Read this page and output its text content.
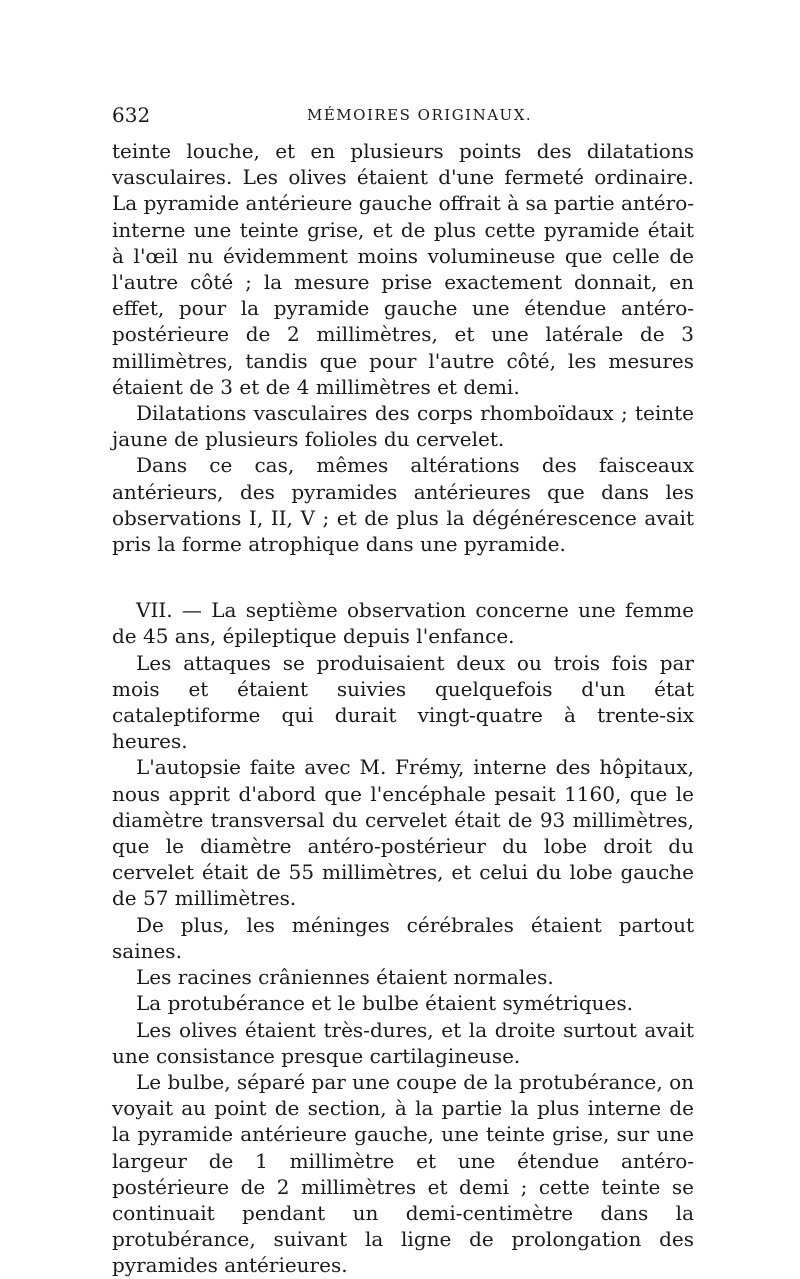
632	MÉMOIRES ORIGINAUX.

teinte louche, et en plusieurs points des dilatations vasculaires. Les olives étaient d'une fermeté ordinaire. La pyramide antérieure gauche offrait à sa partie antéro-interne une teinte grise, et de plus cette pyramide était à l'œil nu évidemment moins volumineuse que celle de l'autre côté ; la mesure prise exactement donnait, en effet, pour la pyramide gauche une étendue antéro-postérieure de 2 millimètres, et une latérale de 3 millimètres, tandis que pour l'autre côté, les mesures étaient de 3 et de 4 millimètres et demi.

Dilatations vasculaires des corps rhomboïdaux ; teinte jaune de plusieurs folioles du cervelet.

Dans ce cas, mêmes altérations des faisceaux antérieurs, des pyramides antérieures que dans les observations I, II, V ; et de plus la dégénérescence avait pris la forme atrophique dans une pyramide.

VII. — La septième observation concerne une femme de 45 ans, épileptique depuis l'enfance.

Les attaques se produisaient deux ou trois fois par mois et étaient suivies quelquefois d'un état cataleptiforme qui durait vingt-quatre à trente-six heures.

L'autopsie faite avec M. Frémy, interne des hôpitaux, nous apprit d'abord que l'encéphale pesait 1160, que le diamètre transversal du cervelet était de 93 millimètres, que le diamètre antéro-postérieur du lobe droit du cervelet était de 55 millimètres, et celui du lobe gauche de 57 millimètres.

De plus, les méninges cérébrales étaient partout saines.

Les racines crâniennes étaient normales.

La protubérance et le bulbe étaient symétriques.

Les olives étaient très-dures, et la droite surtout avait une consistance presque cartilagineuse.

Le bulbe, séparé par une coupe de la protubérance, on voyait au point de section, à la partie la plus interne de la pyramide antérieure gauche, une teinte grise, sur une largeur de 1 millimètre et une étendue antéro-postérieure de 2 millimètres et demi ; cette teinte se continuait pendant un demi-centimètre dans la protubérance, suivant la ligne de prolongation des pyramides antérieures.
